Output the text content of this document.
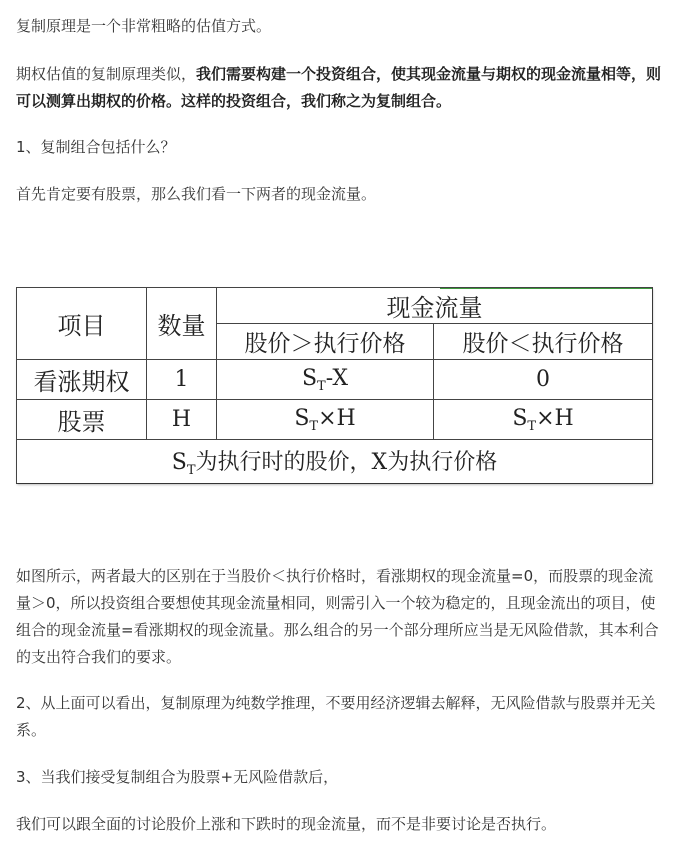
复制原理是一个非常粗略的估值方式。

期权估值的复制原理类似，我们需要构建一个投资组合，使其现金流量与期权的现金流量相等，则可以测算出期权的价格。这样的投资组合，我们称之为复制组合。

1、复制组合包括什么？

首先肯定要有股票，那么我们看一下两者的现金流量。

项目	数量	现金流量	
		股价＞执行价格	股价＜执行价格
看涨期权	1	$S_T-X$	0
股票	H	$S_T\times H$	$S_T\times H$
$S_T$为执行时的股价，X为执行价格			

如图所示，两者最大的区别在于当股价＜执行价格时，看涨期权的现金流量=0，而股票的现金流量＞0，所以投资组合要想使其现金流量相同，则需引入一个较为稳定的，且现金流出的项目，使组合的现金流量=看涨期权的现金流量。那么组合的另一个部分理所应当是无风险借款，其本利合的支出符合我们的要求。

2、从上面可以看出，复制原理为纯数学推理，不要用经济逻辑去解释，无风险借款与股票并无关系。

3、当我们接受复制组合为股票+无风险借款后，

我们可以跟全面的讨论股价上涨和下跌时的现金流量，而不是非要讨论是否执行。
